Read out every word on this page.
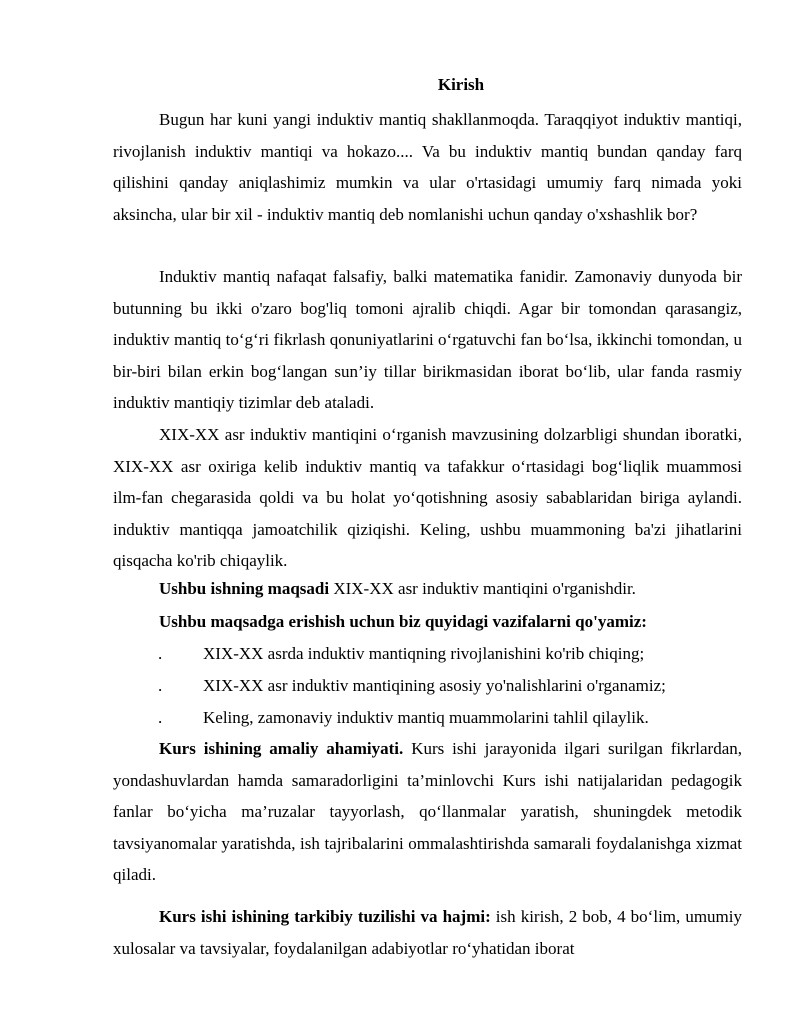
Kirish

Bugun har kuni yangi induktiv mantiq shakllanmoqda. Taraqqiyot induktiv mantiqi, rivojlanish induktiv mantiqi va hokazo.... Va bu induktiv mantiq bundan qanday farq qilishini qanday aniqlashimiz mumkin va ular o'rtasidagi umumiy farq nimada yoki aksincha, ular bir xil - induktiv mantiq deb nomlanishi uchun qanday o'xshashlik bor?

Induktiv mantiq nafaqat falsafiy, balki matematika fanidir. Zamonaviy dunyoda bir butunning bu ikki o'zaro bog'liq tomoni ajralib chiqdi. Agar bir tomondan qarasangiz, induktiv mantiq to‘g‘ri fikrlash qonuniyatlarini o‘rgatuvchi fan bo‘lsa, ikkinchi tomondan, u bir-biri bilan erkin bog‘langan sun’iy tillar birikmasidan iborat bo‘lib, ular fanda rasmiy induktiv mantiqiy tizimlar deb ataladi.

XIX-XX asr induktiv mantiqini o‘rganish mavzusining dolzarbligi shundan iboratki, XIX-XX asr oxiriga kelib induktiv mantiq va tafakkur o‘rtasidagi bog‘liqlik muammosi ilm-fan chegarasida qoldi va bu holat yo‘qotishning asosiy sabablaridan biriga aylandi. induktiv mantiqqa jamoatchilik qiziqishi. Keling, ushbu muammoning ba'zi jihatlarini qisqacha ko'rib chiqaylik.

Ushbu ishning maqsadi XIX-XX asr induktiv mantiqini o'rganishdir.
Ushbu maqsadga erishish uchun biz quyidagi vazifalarni qo'yamiz:
. XIX-XX asrda induktiv mantiqning rivojlanishini ko'rib chiqing;
. XIX-XX asr induktiv mantiqining asosiy yo'nalishlarini o'rganamiz;
. Keling, zamonaviy induktiv mantiq muammolarini tahlil qilaylik.

Kurs ishining amaliy ahamiyati. Kurs ishi jarayonida ilgari surilgan fikrlardan, yondashuvlardan hamda samaradorligini ta’minlovchi Kurs ishi natijalaridan pedagogik fanlar bo‘yicha ma’ruzalar tayyorlash, qo‘llanmalar yaratish, shuningdek metodik tavsiyanomalar yaratishda, ish tajribalarini ommalashtirishda samarali foydalanishga xizmat qiladi.

Kurs ishi ishining tarkibiy tuzilishi va hajmi: ish kirish, 2 bob, 4 bo‘lim, umumiy xulosalar va tavsiyalar, foydalanilgan adabiyotlar ro‘yhatidan iborat
